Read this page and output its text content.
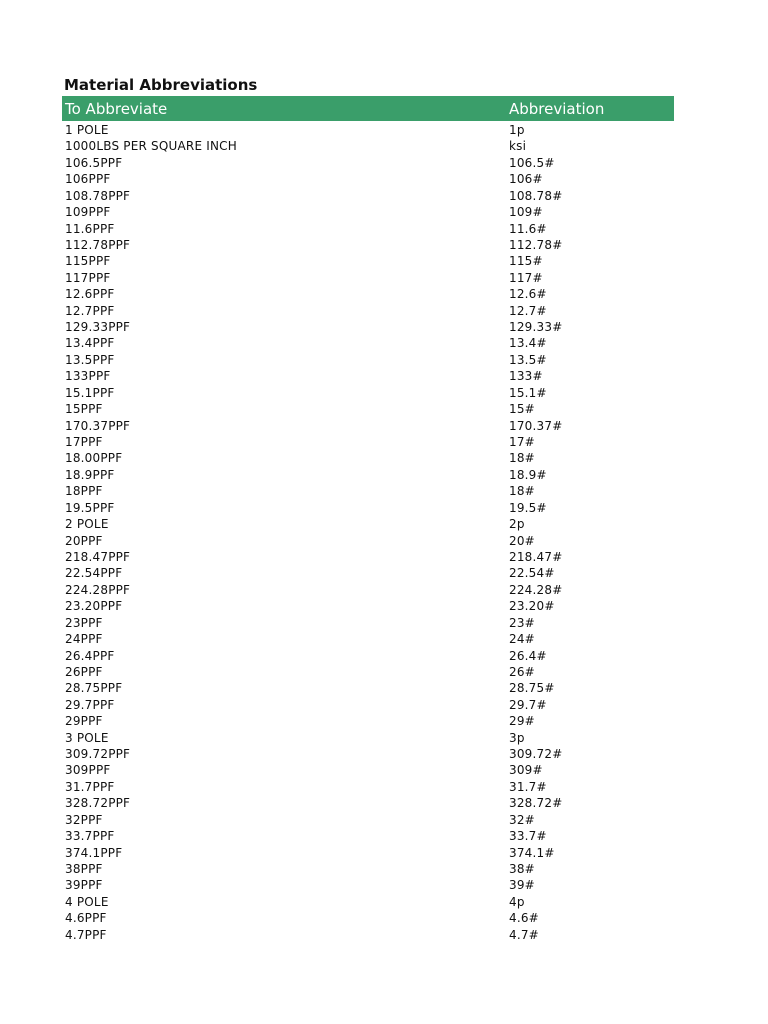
Material Abbreviations
To Abbreviate	Abbreviation
1 POLE	1p
1000LBS PER SQUARE INCH	ksi
106.5PPF	106.5#
106PPF	106#
108.78PPF	108.78#
109PPF	109#
11.6PPF	11.6#
112.78PPF	112.78#
115PPF	115#
117PPF	117#
12.6PPF	12.6#
12.7PPF	12.7#
129.33PPF	129.33#
13.4PPF	13.4#
13.5PPF	13.5#
133PPF	133#
15.1PPF	15.1#
15PPF	15#
170.37PPF	170.37#
17PPF	17#
18.00PPF	18#
18.9PPF	18.9#
18PPF	18#
19.5PPF	19.5#
2 POLE	2p
20PPF	20#
218.47PPF	218.47#
22.54PPF	22.54#
224.28PPF	224.28#
23.20PPF	23.20#
23PPF	23#
24PPF	24#
26.4PPF	26.4#
26PPF	26#
28.75PPF	28.75#
29.7PPF	29.7#
29PPF	29#
3 POLE	3p
309.72PPF	309.72#
309PPF	309#
31.7PPF	31.7#
328.72PPF	328.72#
32PPF	32#
33.7PPF	33.7#
374.1PPF	374.1#
38PPF	38#
39PPF	39#
4 POLE	4p
4.6PPF	4.6#
4.7PPF	4.7#
